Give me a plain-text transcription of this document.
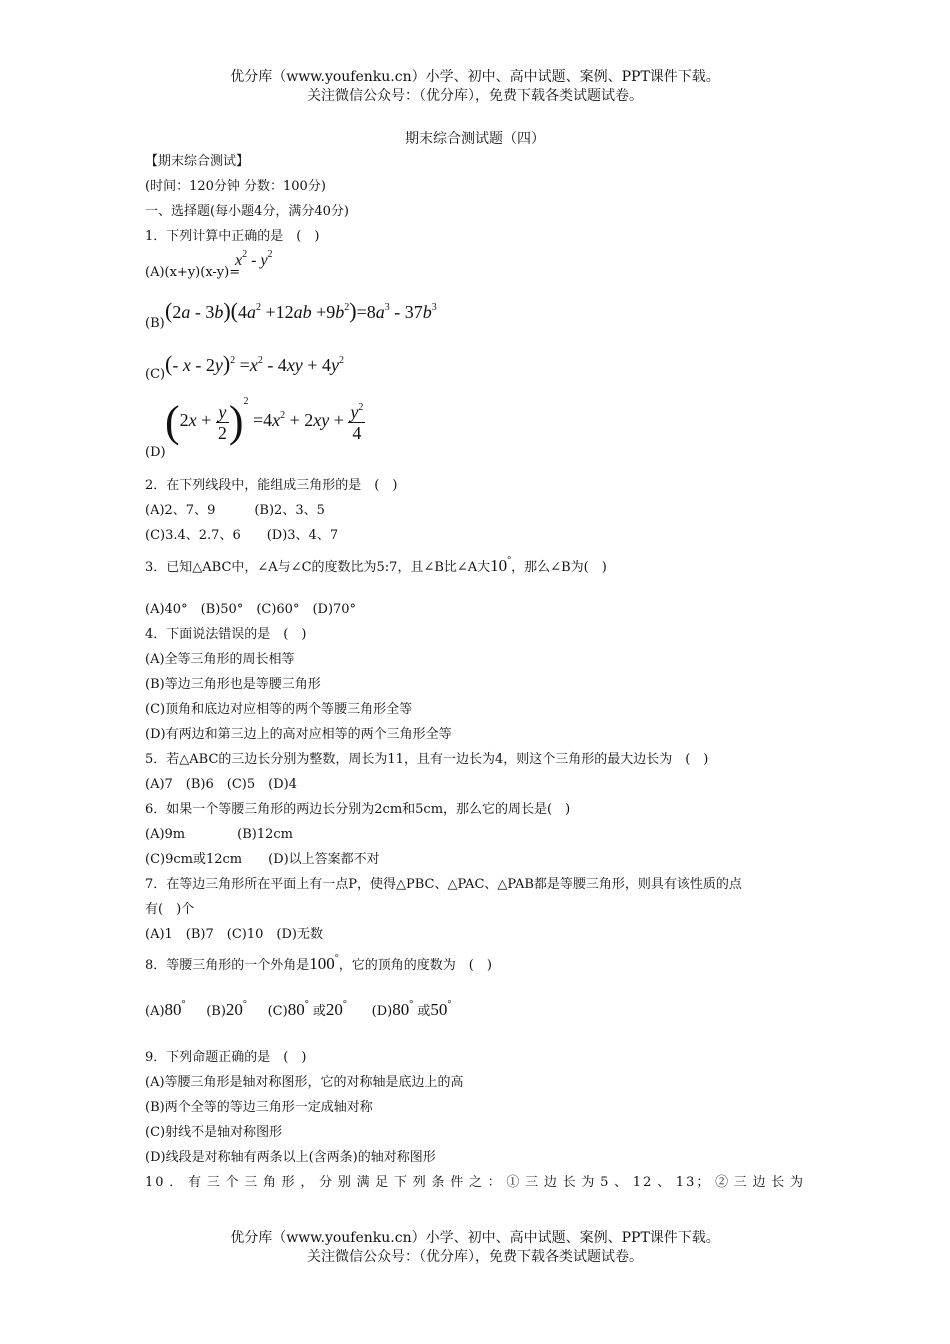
优分库（www.youfenku.cn）小学、初中、高中试题、案例、PPT课件下载。
关注微信公众号：（优分库），免费下载各类试题试卷。
期末综合测试题（四）
【期末综合测试】
(时间：120分钟 分数：100分)
一、选择题(每小题4分，满分40分)
1．下列计算中正确的是　(　)
(A)(x+y)(x-y)=
$x^2 - y^2$
(B)
$(2a - 3b)(4a^2 +12ab +9b^2)=8a^3 - 37b^3$
(C) (- $x - 2y)^2 =x^2 - 4xy + 4y^2$
(D)
$(2x + \frac{y}{2} )^2 =4x^2 + 2xy + \frac{y^2}{4}$
2．在下列线段中，能组成三角形的是　(　)
(A)2、7、9　　　(B)2、3、5
(C)3.4、2.7、6　　(D)3、4、7
3．已知△ABC中，∠A与∠C的度数比为5:7，且∠B比∠A大10°，那么∠B为(　)
(A)40°　(B)50°　(C)60°　(D)70°
4．下面说法错误的是　(　)
(A)全等三角形的周长相等
(B)等边三角形也是等腰三角形
(C)顶角和底边对应相等的两个等腰三角形全等
(D)有两边和第三边上的高对应相等的两个三角形全等
5．若△ABC的三边长分别为整数，周长为11，且有一边长为4，则这个三角形的最大边长为　(　)
(A)7　(B)6　(C)5　(D)4
6．如果一个等腰三角形的两边长分别为2cm和5cm，那么它的周长是(　)
(A)9m　　　　(B)12cm
(C)9cm或12cm　　(D)以上答案都不对
7．在等边三角形所在平面上有一点P，使得△PBC、△PAC、△PAB都是等腰三角形，则具有该性质的点
有(　)个
(A)1　(B)7　(C)10　(D)无数
8．等腰三角形的一个外角是100°，它的顶角的度数为　(　)
(A)80° (B)20° (C)80° 或20° (D)80° 或50°
9．下列命题正确的是　(　)
(A)等腰三角形是轴对称图形，它的对称轴是底边上的高
(B)两个全等的等边三角形一定成轴对称
(C)射线不是轴对称图形
(D)线段是对称轴有两条以上(含两条)的轴对称图形
10．有三个三角形，分别满足下列条件之：①三边长为5、12、13；②三边长为
优分库（www.youfenku.cn）小学、初中、高中试题、案例、PPT课件下载。
关注微信公众号：（优分库），免费下载各类试题试卷。
